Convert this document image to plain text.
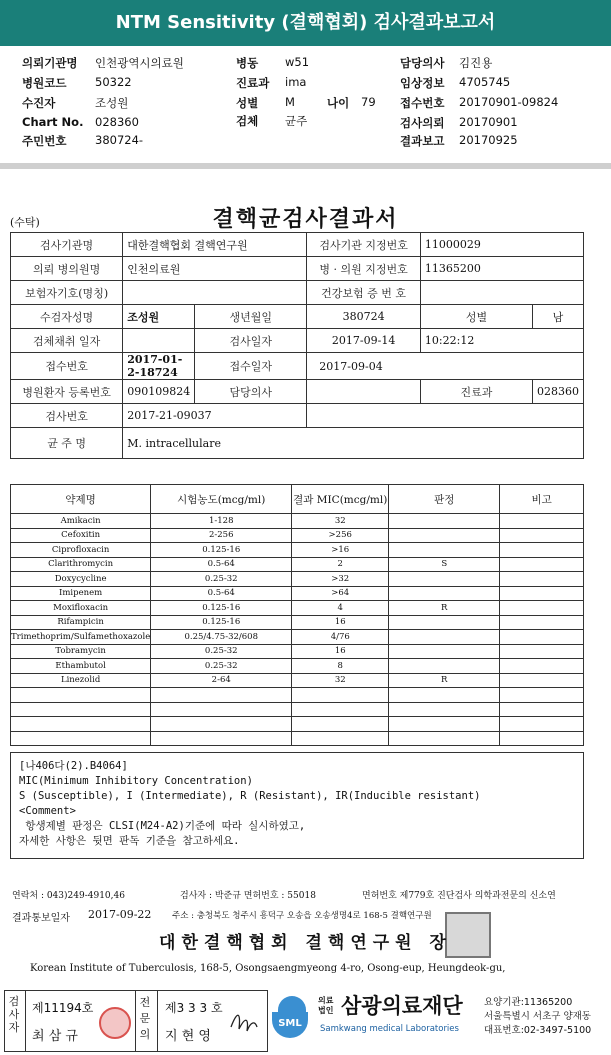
NTM Sensitivity (결핵협회) 검사결과보고서
의뢰기관명 인천광역시의료원	병동 w51	담당의사 김진용
병원코드 50322	진료과 ima	임상정보 4705745
수진자	조성원	성별 M	나이 79 접수번호 20170901-09824
Chart No. 028360	검체 균주	검사의뢰 20170901
주민번호 380724-	결과보고 20170925
(수탁)	결핵균검사결과서
검사기관명	대한결핵협회 결핵연구원		검사기관 지정번호	11000029	
의뢰 병의원명	인천의료원		병 · 의원 지정번호	11365200	
보험자기호(명칭)			건강보험 증 번 호		
수검자성명	조성원	생년월일	380724	성별	남
검체채취 일자		검사일자	2017-09-14	10:22:12	
접수번호	2017-01-2-18724	접수일자	2017-09-04		
병원환자 등록번호	090109824	담당의사		진료과	028360
검사번호	2017-21-09037				
균 주 명	M. intracellulare				
약제명	시험농도(mcg/ml)	결과 MIC(mcg/ml)	판정	비고
Amikacin	1-128	32		
Cefoxitin	2-256	>256		
Ciprofloxacin	0.125-16	>16		
Clarithromycin	0.5-64	2	S	
Doxycycline	0.25-32	>32		
Imipenem	0.5-64	>64		
Moxifloxacin	0.125-16	4	R	
Rifampicin	0.125-16	16		
Trimethoprim/Sulfamethoxazole	0.25/4.75-32/608	4/76		
Tobramycin	0.25-32	16		
Ethambutol	0.25-32	8		
Linezolid	2-64	32	R	

[나406다(2).B4064]
MIC(Minimum Inhibitory Concentration)
S (Susceptible), I (Intermediate), R (Resistant), IR(Inducible resistant)
<Comment>
항생제별 판정은 CLSI(M24-A2)기준에 따라 실시하였고,
자세한 사항은 뒷면 판독 기준을 참고하세요.
연락처 : 043)249-4910,46	검사자 : 박준규 면허번호 : 55018	면허번호 제779호 진단검사 의학과전문의 신소연
결과통보일자 2017-09-22 주소 : 충청북도 청주시 흥덕구 오송읍 오송생명4로 168-5 결핵연구원
대한결핵협회 결핵연구원 장
Korean Institute of Tuberculosis, 168-5, Osongsaengmyeong 4-ro, Osong-eup, Heungdeok-gu,
검사자
제11194호
최 삼 규
전문의
제3 3 3 호
지 현 영
SML
의료법인 삼광의료재단
Samkwang medical Laboratories
요양기관:11365200
서울특별시 서초구 양재동
대표번호:02-3497-5100
